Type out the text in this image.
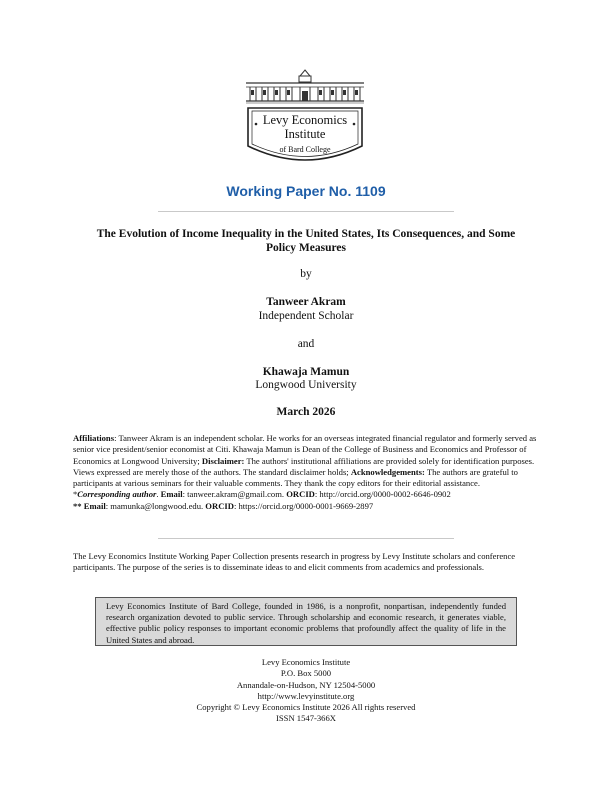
Levy Economics
Institute
of Bard College
Working Paper No. 1109
The Evolution of Income Inequality in the United States, Its Consequences, and Some Policy Measures
by
Tanweer Akram
Independent Scholar
and
Khawaja Mamun
Longwood University
March 2026
Affiliations: Tanweer Akram is an independent scholar. He works for an overseas integrated financial regulator and formerly served as senior vice president/senior economist at Citi. Khawaja Mamun is Dean of the College of Business and Economics and Professor of Economics at Longwood University; Disclaimer: The authors' institutional affiliations are provided solely for identification purposes. Views expressed are merely those of the authors. The standard disclaimer holds; Acknowledgements: The authors are grateful to participants at various seminars for their valuable comments. They thank the copy editors for their editorial assistance.
*Corresponding author. Email: tanweer.akram@gmail.com. ORCID: http://orcid.org/0000-0002-6646-0902
** Email: mamunka@longwood.edu. ORCID: https://orcid.org/0000-0001-9669-2897
The Levy Economics Institute Working Paper Collection presents research in progress by Levy Institute scholars and conference participants. The purpose of the series is to disseminate ideas to and elicit comments from academics and professionals.
Levy Economics Institute of Bard College, founded in 1986, is a nonprofit, nonpartisan, independently funded research organization devoted to public service. Through scholarship and economic research, it generates viable, effective public policy responses to important economic problems that profoundly affect the quality of life in the United States and abroad.
Levy Economics Institute
P.O. Box 5000
Annandale-on-Hudson, NY 12504-5000
http://www.levyinstitute.org
Copyright © Levy Economics Institute 2026 All rights reserved
ISSN 1547-366X
